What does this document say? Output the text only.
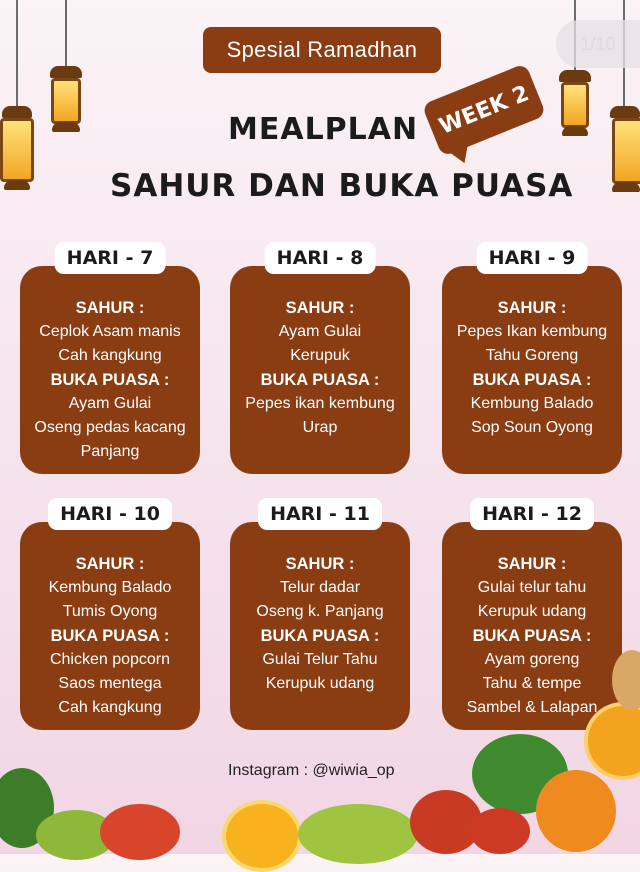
Spesial Ramadhan	1/10
MEALPLAN
SAHUR DAN BUKA PUASA
WEEK 2
HARI - 7
SAHUR :
Ceplok Asam manis
Cah kangkung
BUKA PUASA :
Ayam Gulai
Oseng pedas kacang
Panjang
HARI - 8
SAHUR :
Ayam Gulai
Kerupuk
BUKA PUASA :
Pepes ikan kembung
Urap
HARI - 9
SAHUR :
Pepes Ikan kembung
Tahu Goreng
BUKA PUASA :
Kembung Balado
Sop Soun Oyong
HARI - 10
SAHUR :
Kembung Balado
Tumis Oyong
BUKA PUASA :
Chicken popcorn
Saos mentega
Cah kangkung
HARI - 11
SAHUR :
Telur dadar
Oseng k. Panjang
BUKA PUASA :
Gulai Telur Tahu
Kerupuk udang
HARI - 12
SAHUR :
Gulai telur tahu
Kerupuk udang
BUKA PUASA :
Ayam goreng
Tahu & tempe
Sambel & Lalapan
Instagram : @wiwia_op
